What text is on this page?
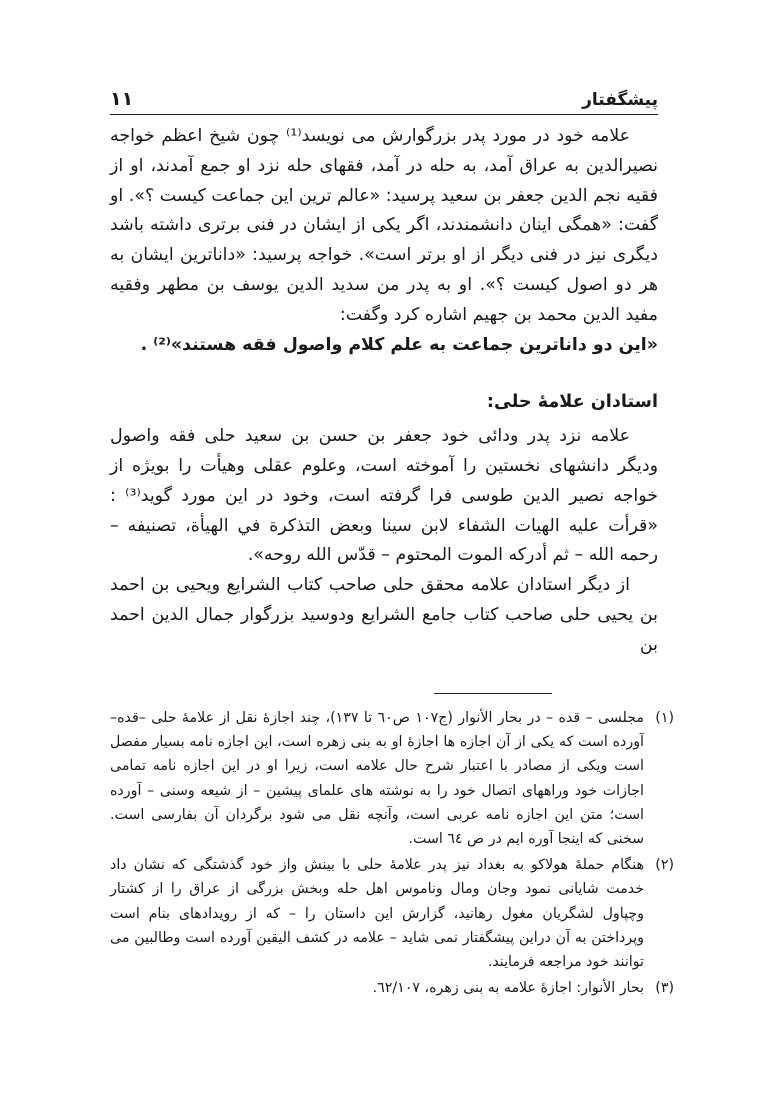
پیشگفتار
١١

علامه خود در مورد پدر بزرگوارش می نویسد⁽¹⁾ چون شیخ اعظم خواجه نصیرالدین به عراق آمد، به حله در آمد، فقهای حله نزد او جمع آمدند، او از فقیه نجم الدین جعفر بن سعید پرسید: «عالم ترین این جماعت کیست ؟». او گفت: «همگی اینان دانشمندند، اگر یکی از ایشان در فنی برتری داشته باشد دیگری نیز در فنی دیگر از او برتر است». خواجه پرسید: «داناترین ایشان به هر دو اصول کیست ؟». او به پدر من سدید الدین یوسف بن مطهر وفقیه مفید الدین محمد بن جهیم اشاره کرد وگفت:

«این دو داناترین جماعت به علم کلام واصول فقه هستند»⁽²⁾ .

استادان علامهٔ حلی:

علامه نزد پدر ودائی خود جعفر بن حسن بن سعید حلی فقه واصول ودیگر دانشهای نخستین را آموخته است، وعلوم عقلی وهیأت را بویژه از خواجه نصیر الدین طوسی فرا گرفته است، وخود در این مورد گوید⁽³⁾ : «قرأت علیه الهیات الشفاء لابن سینا وبعض التذكرة في الهيأة، تصنيفه – رحمه الله – ثم أدركه الموت المحتوم – قدّس الله روحه».

از دیگر استادان علامه محقق حلی صاحب کتاب الشرایع ویحیی بن احمد بن یحیی حلی صاحب کتاب جامع الشرایع ودوسید بزرگوار جمال الدین احمد بن

(١)
مجلسی – قده – در بحار الأنوار (ج١٠٧ ص٦٠ تا ١٣٧)، چند اجازهٔ نقل از علامهٔ حلی –قده– آورده است که یکی از آن اجازه ها اجازهٔ او به بنی زهره است، این اجازه نامه بسیار مفصل است ویکی از مصادر با اعتبار شرح حال علامه است، زیرا او در این اجازه نامه تمامی اجازات خود وراههای اتصال خود را به نوشته های علمای پیشین – از شیعه وسنی – آورده است؛ متن این اجازه نامه عربی است، وآنچه نقل می شود برگردان آن بفارسی است. سخنی که اینجا آوره ایم در ص ٦٤ است.

(٢)
هنگام حملهٔ هولاکو به بغداد نیز پدر علامهٔ حلی با بینش واز خود گذشتگی که نشان داد خدمت شایانی نمود وجان ومال وناموس اهل حله وبخش بزرگی از عراق را از کشتار وچپاول لشگریان مغول رهانید، گزارش این داستان را – که از رویدادهای بنام است وپرداختن به آن دراین پیشگفتار نمی شاید – علامه در کشف الیقین آورده است وطالبین می توانند خود مراجعه فرمایند.

(٣)
بحار الأنوار: اجازهٔ علامه به بنی زهره، ٦٢/١٠٧.
